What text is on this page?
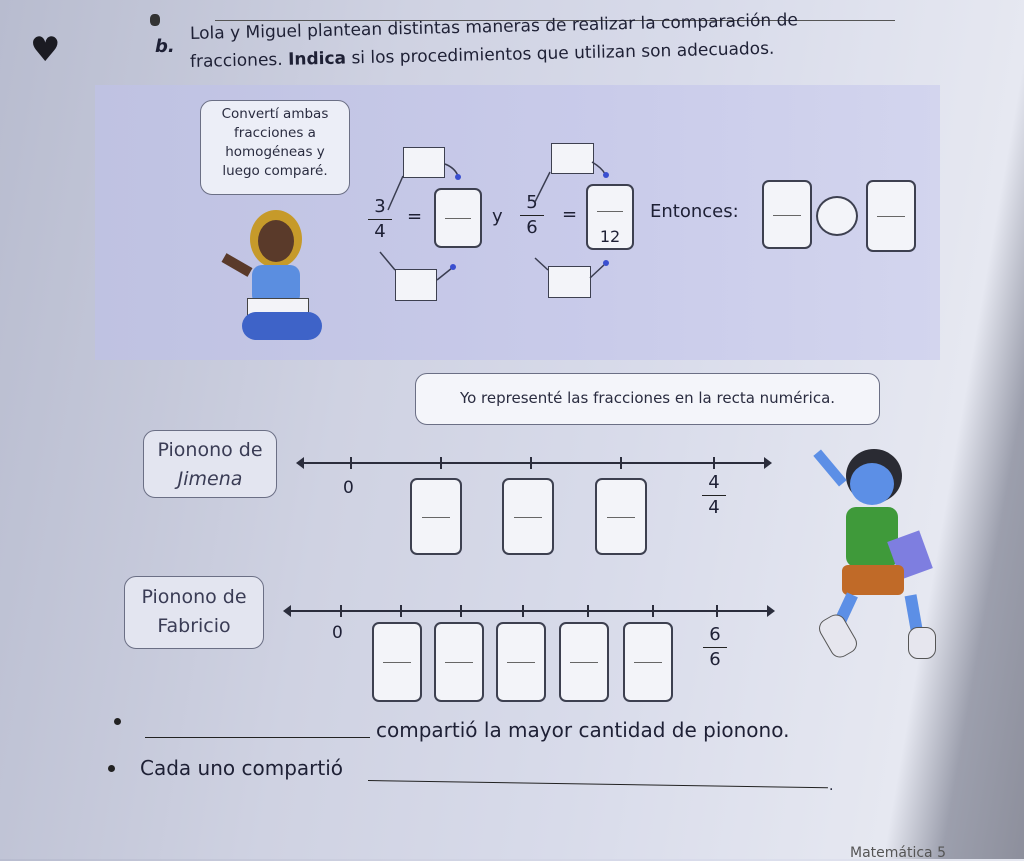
♥	b.
Lola y Miguel plantean distintas maneras de realizar la comparación de
fracciones. Indica si los procedimientos que utilizan son adecuados.
Convertí ambas
fracciones a
homogéneas y
luego comparé.
3
4
=	y
5
6
=
12
Entonces:
Yo representé las fracciones en la recta numérica.
Pionono de
Jimena	0	4
4
Pionono de
Fabricio	0	6
6
compartió la mayor cantidad de pionono.
Cada uno compartió
.
Matemática 5
